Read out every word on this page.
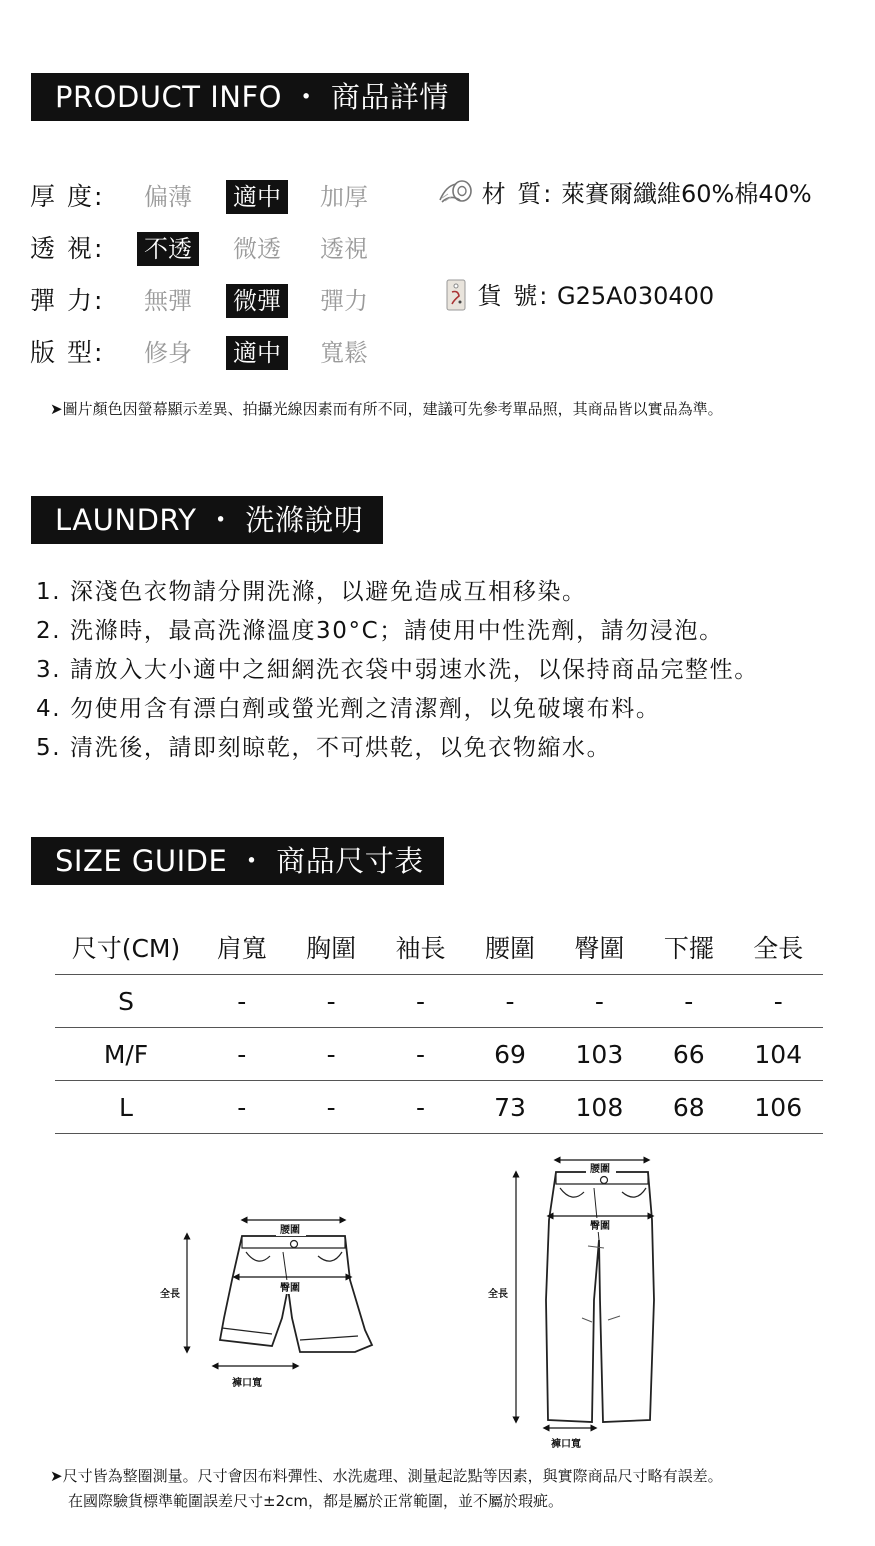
PRODUCT INFO ・ 商品詳情
厚 度: 偏薄 適中 加厚
透 視: 不透 微透 透視
彈 力: 無彈 微彈 彈力
版 型: 修身 適中 寬鬆
材 質: 萊賽爾纖維60%棉40%
貨 號: G25A030400
➤圖片顏色因螢幕顯示差異、拍攝光線因素而有所不同，建議可先參考單品照，其商品皆以實品為準。
LAUNDRY ・ 洗滌說明
1. 深淺色衣物請分開洗滌，以避免造成互相移染。
2. 洗滌時，最高洗滌溫度30°C；請使用中性洗劑，請勿浸泡。
3. 請放入大小適中之細網洗衣袋中弱速水洗，以保持商品完整性。
4. 勿使用含有漂白劑或螢光劑之清潔劑，以免破壞布料。
5. 清洗後，請即刻晾乾，不可烘乾，以免衣物縮水。
SIZE GUIDE ・ 商品尺寸表
尺寸(CM)	肩寬	胸圍	袖長	腰圍	臀圍	下擺	全長
S	-	-	-	-	-	-	-
M/F	-	-	-	69	103	66	104
L	-	-	-	73	108	68	106
腰圍
臀圍
全長
褲口寬
腰圍
臀圍
全長
褲口寬
➤尺寸皆為整圈測量。尺寸會因布料彈性、水洗處理、測量起訖點等因素，與實際商品尺寸略有誤差。
在國際驗貨標準範圍誤差尺寸±2cm，都是屬於正常範圍，並不屬於瑕疵。
